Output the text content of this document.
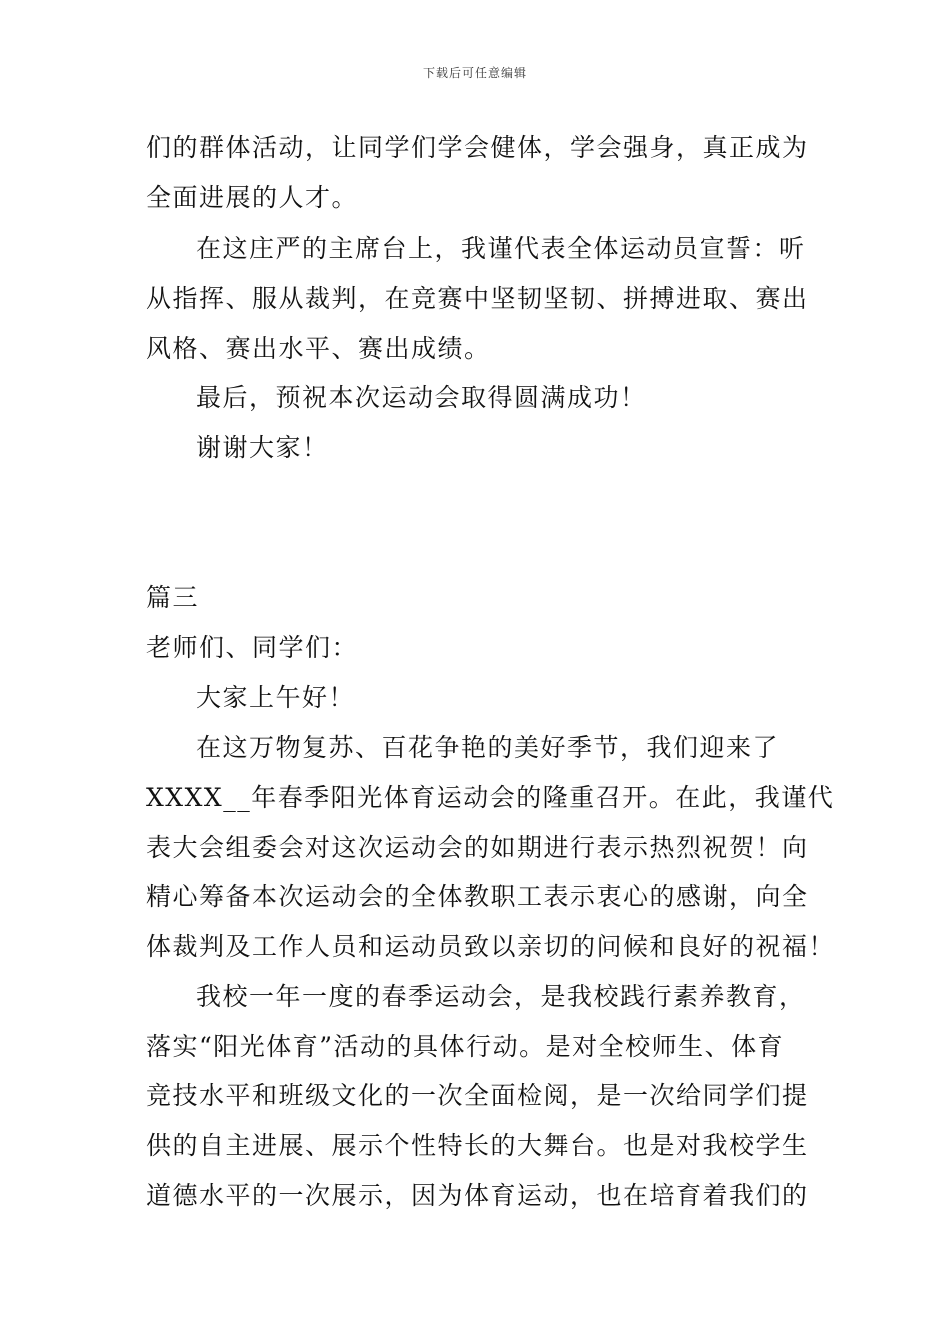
下载后可任意编辑
们的群体活动，让同学们学会健体，学会强身，真正成为
全面进展的人才。
在这庄严的主席台上，我谨代表全体运动员宣誓：听
从指挥、服从裁判，在竞赛中坚韧坚韧、拼搏进取、赛出
风格、赛出水平、赛出成绩。
最后，预祝本次运动会取得圆满成功！
谢谢大家！
篇三
老师们、同学们：
大家上午好！
在这万物复苏、百花争艳的美好季节，我们迎来了
XXXX__年春季阳光体育运动会的隆重召开。在此，我谨代
表大会组委会对这次运动会的如期进行表示热烈祝贺！向
精心筹备本次运动会的全体教职工表示衷心的感谢，向全
体裁判及工作人员和运动员致以亲切的问候和良好的祝福！
我校一年一度的春季运动会，是我校践行素养教育，
落实“阳光体育”活动的具体行动。是对全校师生、体育
竞技水平和班级文化的一次全面检阅，是一次给同学们提
供的自主进展、展示个性特长的大舞台。也是对我校学生
道德水平的一次展示，因为体育运动，也在培育着我们的
